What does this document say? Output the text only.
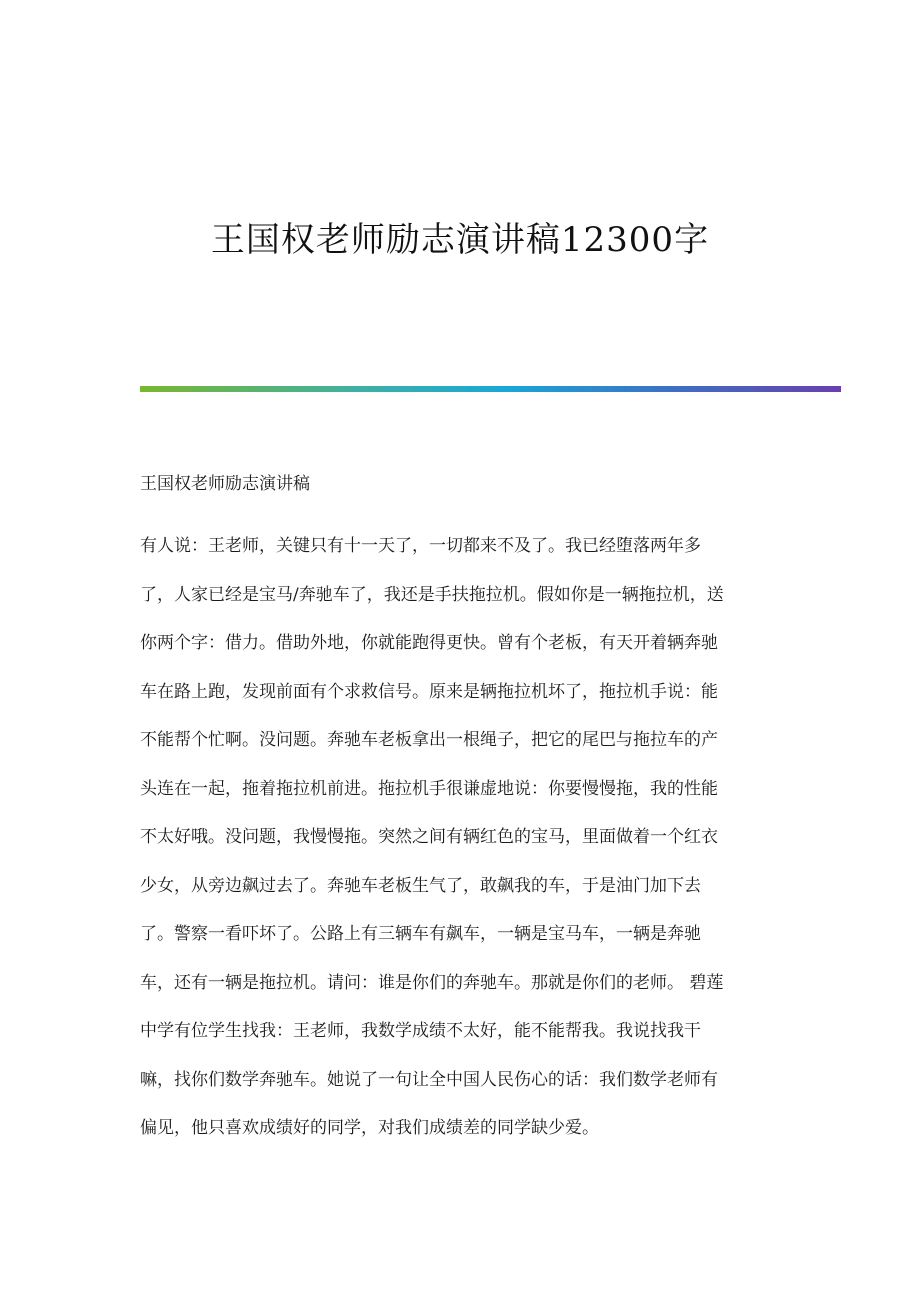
王国权老师励志演讲稿12300字
王国权老师励志演讲稿
有人说：王老师，关键只有十一天了，一切都来不及了。我已经堕落两年多
了，人家已经是宝马/奔驰车了，我还是手扶拖拉机。假如你是一辆拖拉机，送
你两个字：借力。借助外地，你就能跑得更快。曾有个老板，有天开着辆奔驰
车在路上跑，发现前面有个求救信号。原来是辆拖拉机坏了，拖拉机手说：能
不能帮个忙啊。没问题。奔驰车老板拿出一根绳子，把它的尾巴与拖拉车的产
头连在一起，拖着拖拉机前进。拖拉机手很谦虚地说：你要慢慢拖，我的性能
不太好哦。没问题，我慢慢拖。突然之间有辆红色的宝马，里面做着一个红衣
少女，从旁边飙过去了。奔驰车老板生气了，敢飙我的车，于是油门加下去
了。警察一看吓坏了。公路上有三辆车有飙车，一辆是宝马车，一辆是奔驰
车，还有一辆是拖拉机。请问：谁是你们的奔驰车。那就是你们的老师。 碧莲
中学有位学生找我：王老师，我数学成绩不太好，能不能帮我。我说找我干
嘛，找你们数学奔驰车。她说了一句让全中国人民伤心的话：我们数学老师有
偏见，他只喜欢成绩好的同学，对我们成绩差的同学缺少爱。
